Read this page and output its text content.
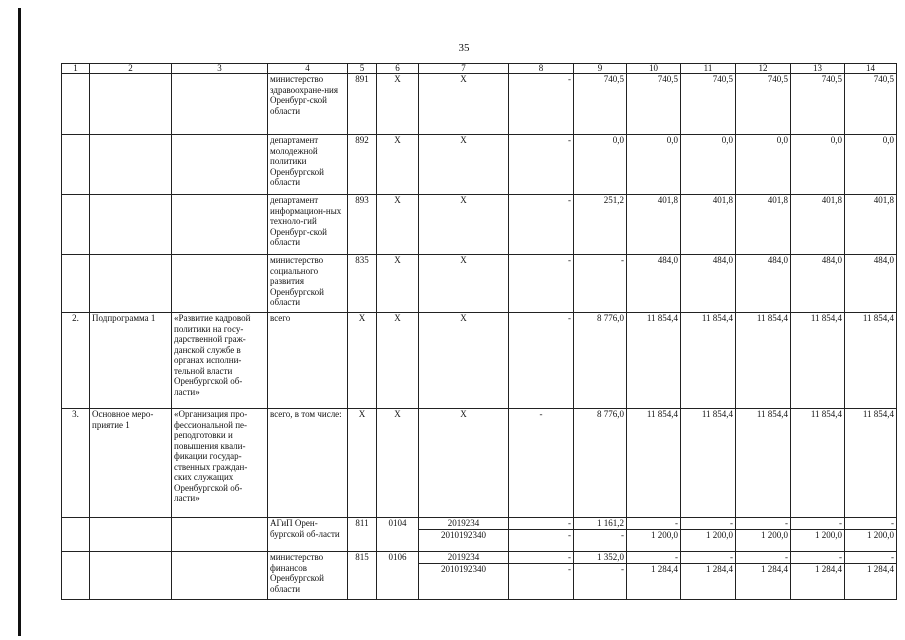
35
1	2	3	4	5	6	7	8	9	10	11	12	13	14
			министерство здравоохране-ния Оренбург-ской области	891	Х	Х	-	740,5	740,5	740,5	740,5	740,5	740,5
			департамент молодежной политики Оренбургской области	892	Х	Х	-	0,0	0,0	0,0	0,0	0,0	0,0
			департамент информацион-ных техноло-гий Оренбург-ской области	893	Х	Х	-	251,2	401,8	401,8	401,8	401,8	401,8
			министерство социального развития Оренбургской области	835	Х	Х	-	-	484,0	484,0	484,0	484,0	484,0
2.	Подпрограмма 1	«Развитие кадровой политики на госу-дарственной граж-данской службе в органах исполни-тельной власти Оренбургской об-ласти»	всего	Х	Х	Х	-	8 776,0	11 854,4	11 854,4	11 854,4	11 854,4	11 854,4
3.	Основное меро-приятие 1	«Организация про-фессиональной пе-реподготовки и повышения квали-фикации государ-ственных граждан-ских служащих Оренбургской об-ласти»	всего, в том числе:	Х	Х	Х	-	8 776,0	11 854,4	11 854,4	11 854,4	11 854,4	11 854,4
			АГиП Орен-бургской об-ласти	811	0104	2019234	-	1 161,2	-	-	-	-	-
						2010192340	-	-	1 200,0	1 200,0	1 200,0	1 200,0	1 200,0
			министерство финансов Оренбургской области	815	0106	2019234	-	1 352,0	-	-	-	-	-
						2010192340	-	-	1 284,4	1 284,4	1 284,4	1 284,4	1 284,4
